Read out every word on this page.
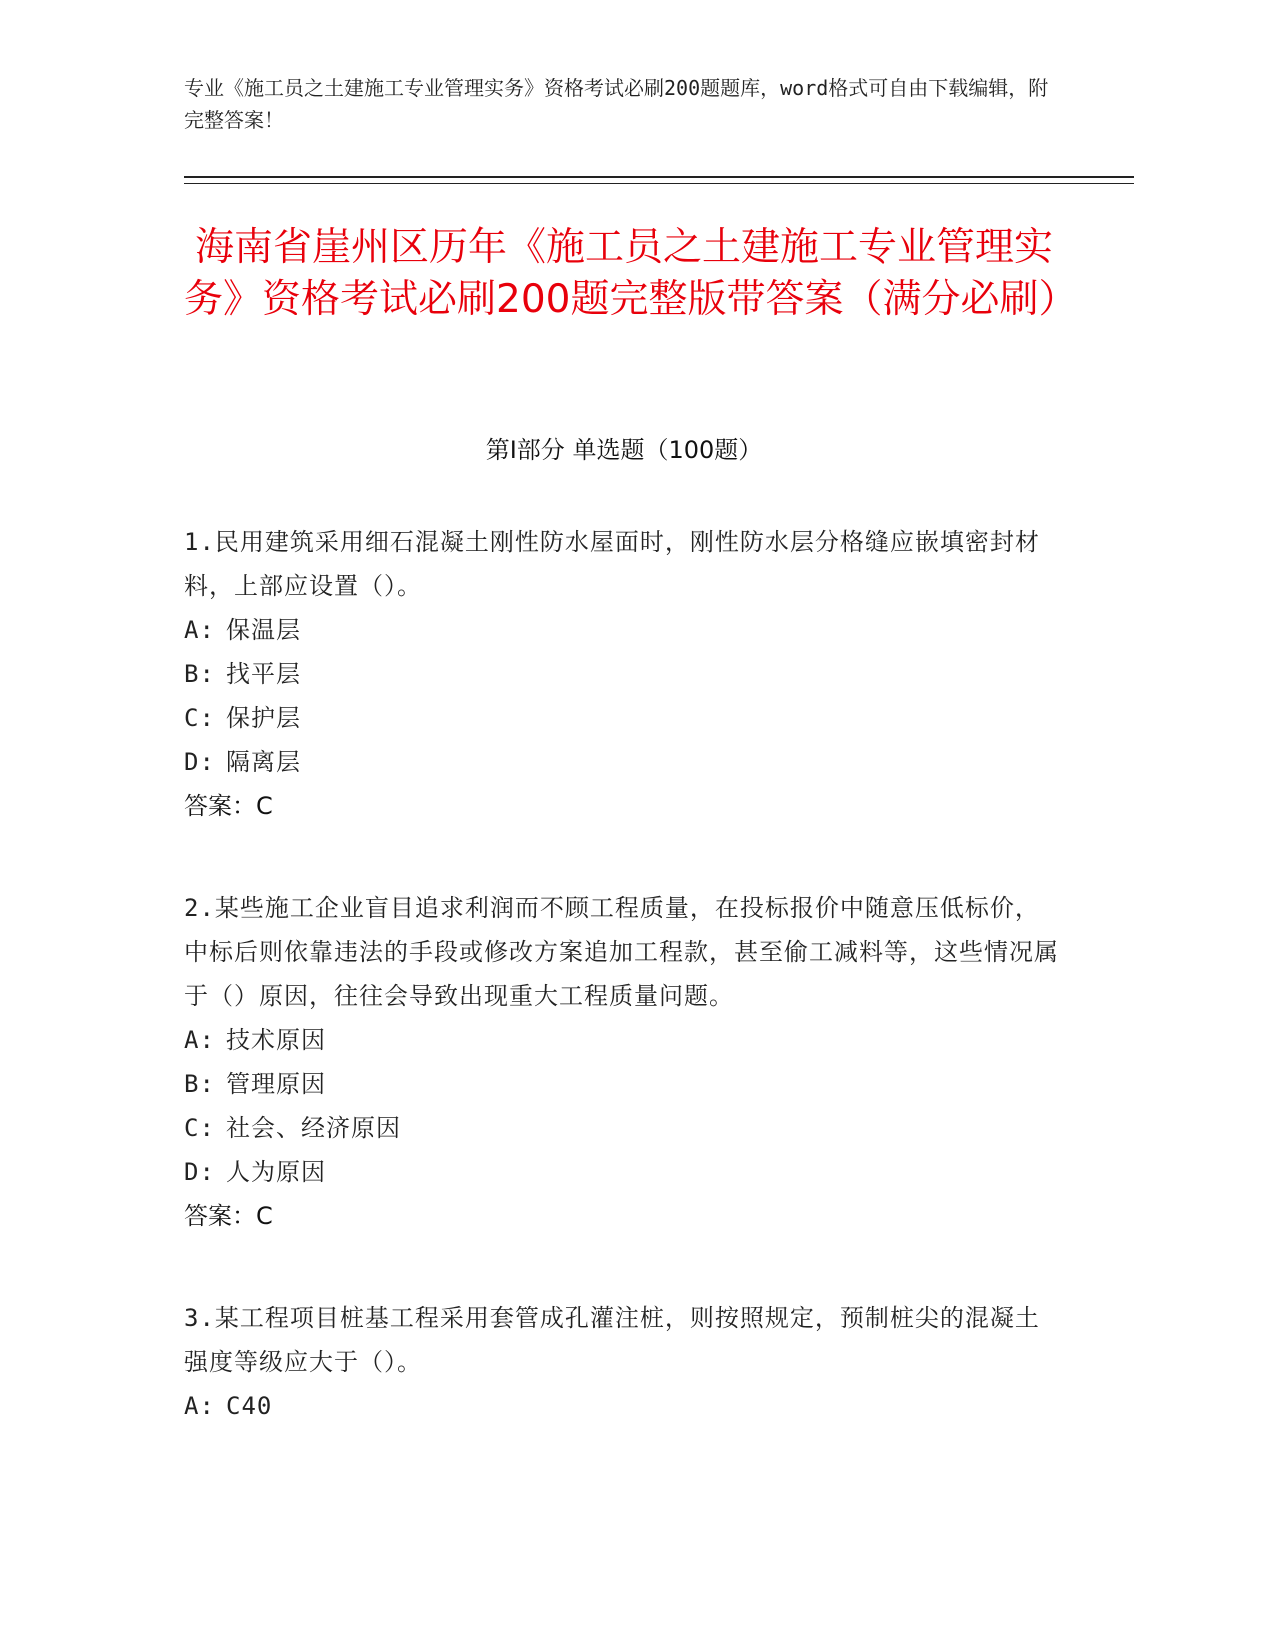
专业《施工员之土建施工专业管理实务》资格考试必刷200题题库，word格式可自由下载编辑，附完整答案！
海南省崖州区历年《施工员之土建施工专业管理实务》资格考试必刷200题完整版带答案（满分必刷）
第Ⅰ部分 单选题（100题）
1.民用建筑采用细石混凝土刚性防水屋面时，刚性防水层分格缝应嵌填密封材料，上部应设置（）。
A: 保温层
B: 找平层
C: 保护层
D: 隔离层
答案：C
2.某些施工企业盲目追求利润而不顾工程质量，在投标报价中随意压低标价，中标后则依靠违法的手段或修改方案追加工程款，甚至偷工减料等，这些情况属于（）原因，往往会导致出现重大工程质量问题。
A: 技术原因
B: 管理原因
C: 社会、经济原因
D: 人为原因
答案：C
3.某工程项目桩基工程采用套管成孔灌注桩，则按照规定，预制桩尖的混凝土强度等级应大于（）。
A: C40
